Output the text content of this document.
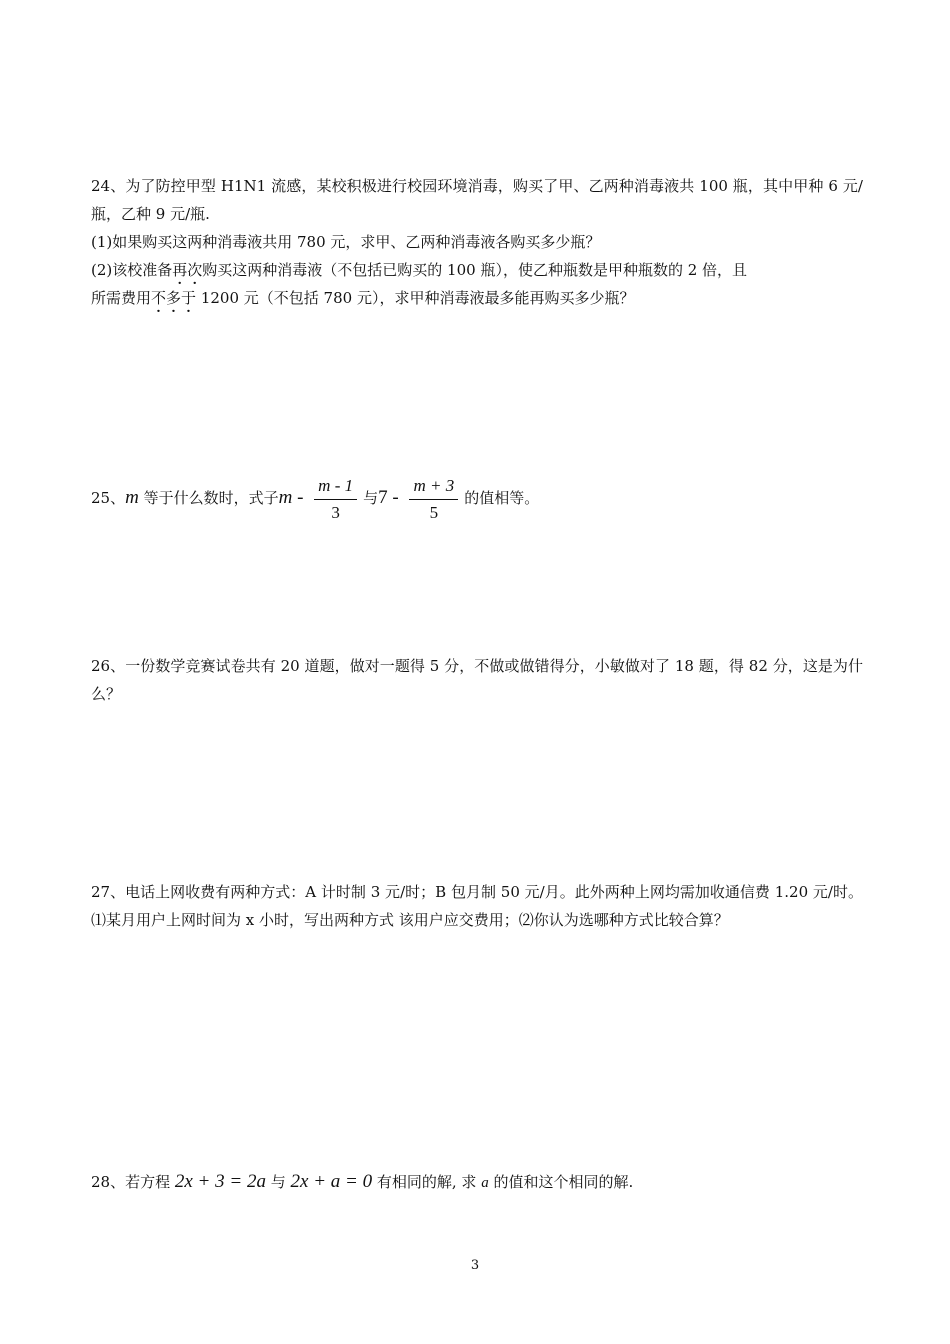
24、为了防控甲型 H1N1 流感，某校积极进行校园环境消毒，购买了甲、乙两种消毒液共 100 瓶，其中甲种 6 元/瓶，乙种 9 元/瓶.

(1)如果购买这两种消毒液共用 780 元，求甲、乙两种消毒液各购买多少瓶？

(2)该校准备再次购买这两种消毒液（不包括已购买的 100 瓶），使乙种瓶数是甲种瓶数的 2 倍，且

所需费用不多于 1200 元（不包括 780 元），求甲种消毒液最多能再购买多少瓶？

25、m 等于什么数时，式子m - $\frac{m - 1}{3}$ 与$7 - \frac{m + 3}{5}$ 的值相等。

26、一份数学竞赛试卷共有 20 道题，做对一题得 5 分，不做或做错得分，小敏做对了 18 题，得 82 分，这是为什么？

27、电话上网收费有两种方式：A 计时制 3 元/时；B 包月制 50 元/月。此外两种上网均需加收通信费 1.20 元/时。⑴某月用户上网时间为 x 小时，写出两种方式 该用户应交费用；⑵你认为选哪种方式比较合算？

28、若方程 2x + 3 = 2a 与 2x + a = 0 有相同的解, 求 a 的值和这个相同的解.
3
